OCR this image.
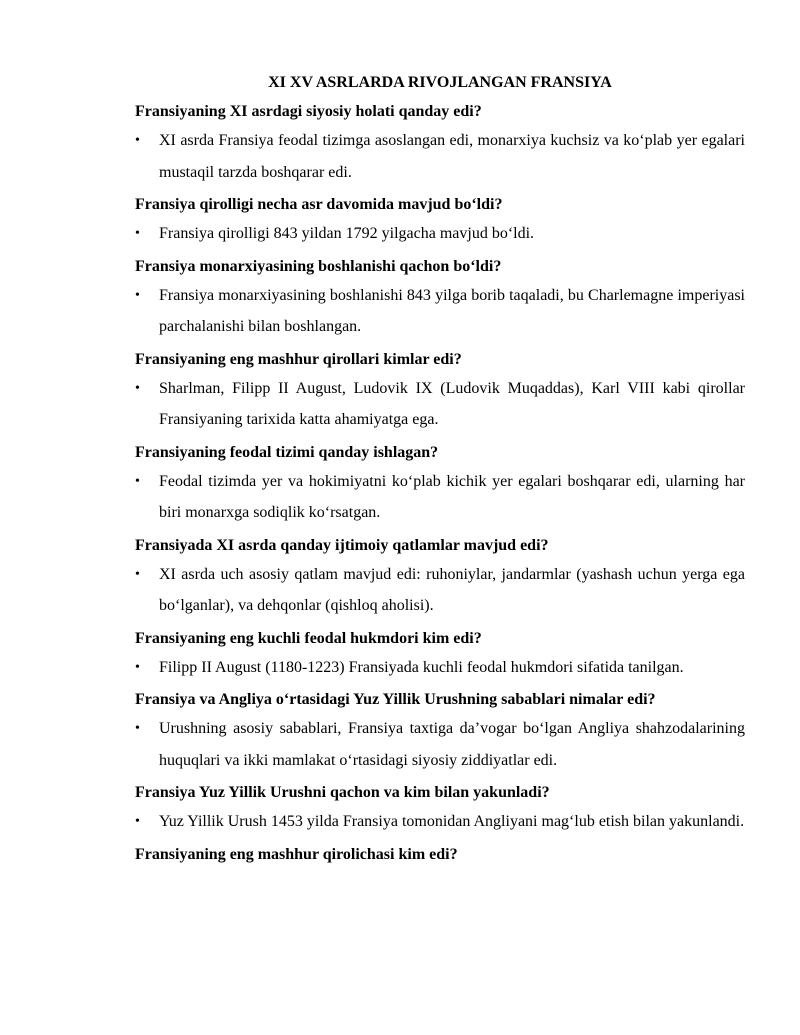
XI XV ASRLARDA RIVOJLANGAN FRANSIYA

Fransiyaning XI asrdagi siyosiy holati qanday edi?

•	XI asrda Fransiya feodal tizimga asoslangan edi, monarxiya kuchsiz va ko‘plab yer egalari mustaqil tarzda boshqarar edi.

Fransiya qirolligi necha asr davomida mavjud bo‘ldi?

•	Fransiya qirolligi 843 yildan 1792 yilgacha mavjud bo‘ldi.

Fransiya monarxiyasining boshlanishi qachon bo‘ldi?

•	Fransiya monarxiyasining boshlanishi 843 yilga borib taqaladi, bu Charlemagne imperiyasi parchalanishi bilan boshlangan.

Fransiyaning eng mashhur qirollari kimlar edi?

•	Sharlman, Filipp II August, Ludovik IX (Ludovik Muqaddas), Karl VIII kabi qirollar Fransiyaning tarixida katta ahamiyatga ega.

Fransiyaning feodal tizimi qanday ishlagan?

•	Feodal tizimda yer va hokimiyatni ko‘plab kichik yer egalari boshqarar edi, ularning har biri monarxga sodiqlik ko‘rsatgan.

Fransiyada XI asrda qanday ijtimoiy qatlamlar mavjud edi?

•	XI asrda uch asosiy qatlam mavjud edi: ruhoniylar, jandarmlar (yashash uchun yerga ega bo‘lganlar), va dehqonlar (qishloq aholisi).

Fransiyaning eng kuchli feodal hukmdori kim edi?

•	Filipp II August (1180-1223) Fransiyada kuchli feodal hukmdori sifatida tanilgan.

Fransiya va Angliya o‘rtasidagi Yuz Yillik Urushning sabablari nimalar edi?

•	Urushning asosiy sabablari, Fransiya taxtiga da’vogar bo‘lgan Angliya shahzodalarining huquqlari va ikki mamlakat o‘rtasidagi siyosiy ziddiyatlar edi.

Fransiya Yuz Yillik Urushni qachon va kim bilan yakunladi?

•	Yuz Yillik Urush 1453 yilda Fransiya tomonidan Angliyani mag‘lub etish bilan yakunlandi.

Fransiyaning eng mashhur qirolichasi kim edi?
